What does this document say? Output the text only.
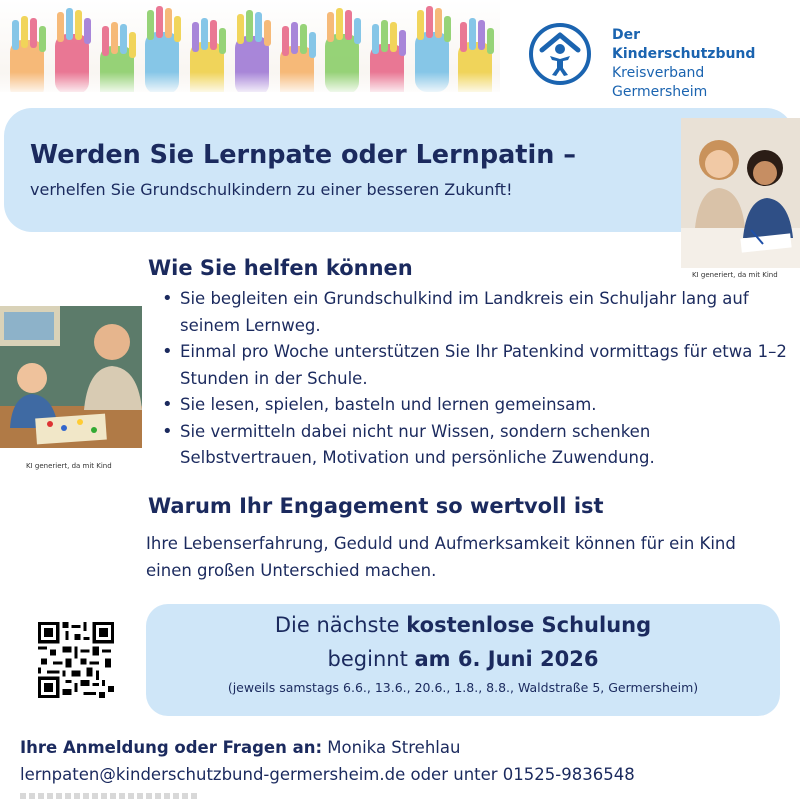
Der Kinderschutzbund
Kreisverband
Germersheim
Werden Sie Lernpate oder Lernpatin –
verhelfen Sie Grundschulkindern zu einer besseren Zukunft!
KI generiert, da mit Kind
KI generiert, da mit Kind
Wie Sie helfen können
• Sie begleiten ein Grundschulkind im Landkreis ein Schuljahr lang auf seinem Lernweg.
• Einmal pro Woche unterstützen Sie Ihr Patenkind vormittags für etwa 1–2 Stunden in der Schule.
• Sie lesen, spielen, basteln und lernen gemeinsam.
• Sie vermitteln dabei nicht nur Wissen, sondern schenken Selbstvertrauen, Motivation und persönliche Zuwendung.
Warum Ihr Engagement so wertvoll ist
Ihre Lebenserfahrung, Geduld und Aufmerksamkeit können für ein Kind einen großen Unterschied machen.
Die nächste kostenlose Schulung
beginnt am 6. Juni 2026
(jeweils samstags 6.6., 13.6., 20.6., 1.8., 8.8., Waldstraße 5, Germersheim)
Ihre Anmeldung oder Fragen an: Monika Strehlau
lernpaten@kinderschutzbund-germersheim.de oder unter 01525-9836548
